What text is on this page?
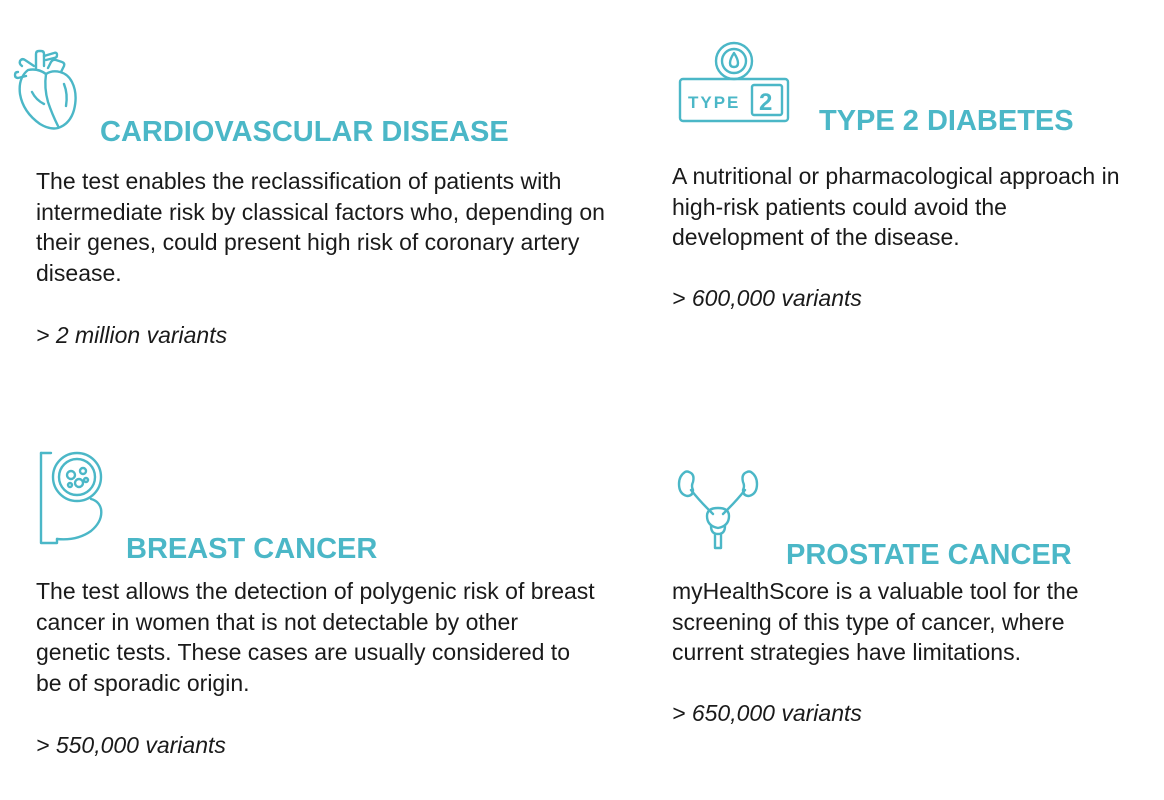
CARDIOVASCULAR DISEASE

The test enables the reclassification of patients with intermediate risk by classical factors who, depending on their genes, could present high risk of coronary artery disease.

> 2 million variants
TYPE 2
TYPE 2 DIABETES

A nutritional or pharmacological approach in high-risk patients could avoid the development of the disease.

> 600,000 variants
BREAST CANCER

The test allows the detection of polygenic risk of breast cancer in women that is not detectable by other genetic tests. These cases are usually considered to be of sporadic origin.

> 550,000 variants
PROSTATE CANCER

myHealthScore is a valuable tool for the screening of this type of cancer, where current strategies have limitations.

> 650,000 variants
